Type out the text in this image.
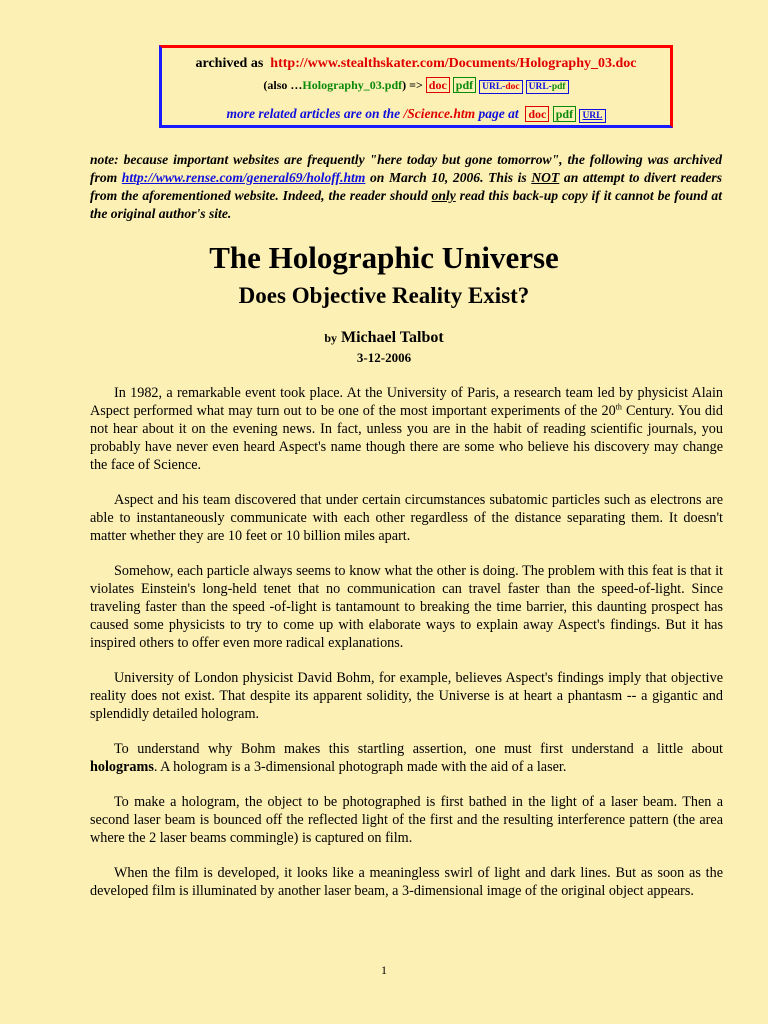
archived as http://www.stealthskater.com/Documents/Holography_03.doc
(also …Holography_03.pdf) => doc pdf URL-doc URL-pdf
more related articles are on the /Science.htm page at doc pdf URL
note: because important websites are frequently "here today but gone tomorrow", the following was archived from http://www.rense.com/general69/holoff.htm on March 10, 2006. This is NOT an attempt to divert readers from the aforementioned website. Indeed, the reader should only read this back-up copy if it cannot be found at the original author's site.
The Holographic Universe
Does Objective Reality Exist?
by Michael Talbot
3-12-2006

In 1982, a remarkable event took place. At the University of Paris, a research team led by physicist Alain Aspect performed what may turn out to be one of the most important experiments of the 20th Century. You did not hear about it on the evening news. In fact, unless you are in the habit of reading scientific journals, you probably have never even heard Aspect's name though there are some who believe his discovery may change the face of Science.

Aspect and his team discovered that under certain circumstances subatomic particles such as electrons are able to instantaneously communicate with each other regardless of the distance separating them. It doesn't matter whether they are 10 feet or 10 billion miles apart.

Somehow, each particle always seems to know what the other is doing. The problem with this feat is that it violates Einstein's long-held tenet that no communication can travel faster than the speed-of-light. Since traveling faster than the speed -of-light is tantamount to breaking the time barrier, this daunting prospect has caused some physicists to try to come up with elaborate ways to explain away Aspect's findings. But it has inspired others to offer even more radical explanations.

University of London physicist David Bohm, for example, believes Aspect's findings imply that objective reality does not exist. That despite its apparent solidity, the Universe is at heart a phantasm -- a gigantic and splendidly detailed hologram.

To understand why Bohm makes this startling assertion, one must first understand a little about holograms. A hologram is a 3-dimensional photograph made with the aid of a laser.

To make a hologram, the object to be photographed is first bathed in the light of a laser beam. Then a second laser beam is bounced off the reflected light of the first and the resulting interference pattern (the area where the 2 laser beams commingle) is captured on film.

When the film is developed, it looks like a meaningless swirl of light and dark lines. But as soon as the developed film is illuminated by another laser beam, a 3-dimensional image of the original object appears.

1
